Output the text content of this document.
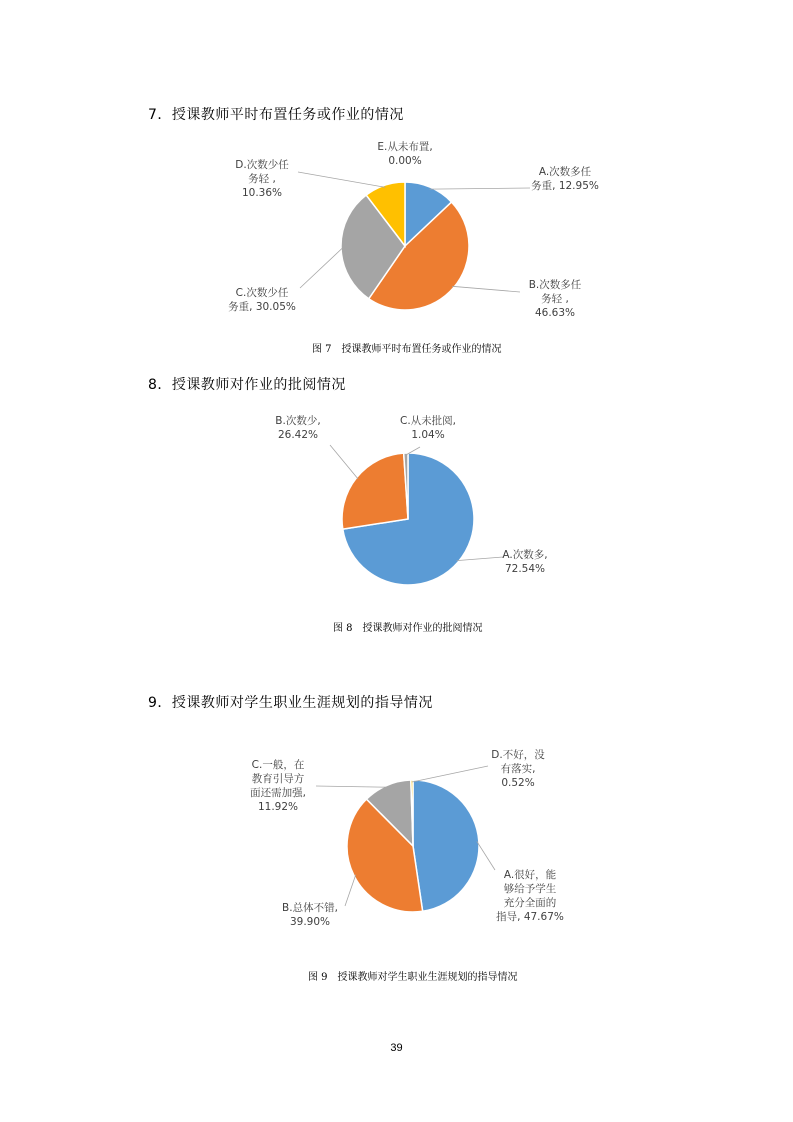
7．授课教师平时布置任务或作业的情况
A.次数多任务重, 12.95%
B.次数多任务轻 , 46.63%
C.次数少任务重, 30.05%
D.次数少任务轻 , 10.36%
E.从未布置, 0.00%
图 7　授课教师平时布置任务或作业的情况
8．授课教师对作业的批阅情况
A.次数多, 72.54%
B.次数少, 26.42%
C.从未批阅, 1.04%
图 8　授课教师对作业的批阅情况
9．授课教师对学生职业生涯规划的指导情况
A.很好，能够给予学生充分全面的指导, 47.67%
B.总体不错, 39.90%
C.一般，在教育引导方面还需加强, 11.92%
D.不好，没有落实, 0.52%
图 9　授课教师对学生职业生涯规划的指导情况
39
